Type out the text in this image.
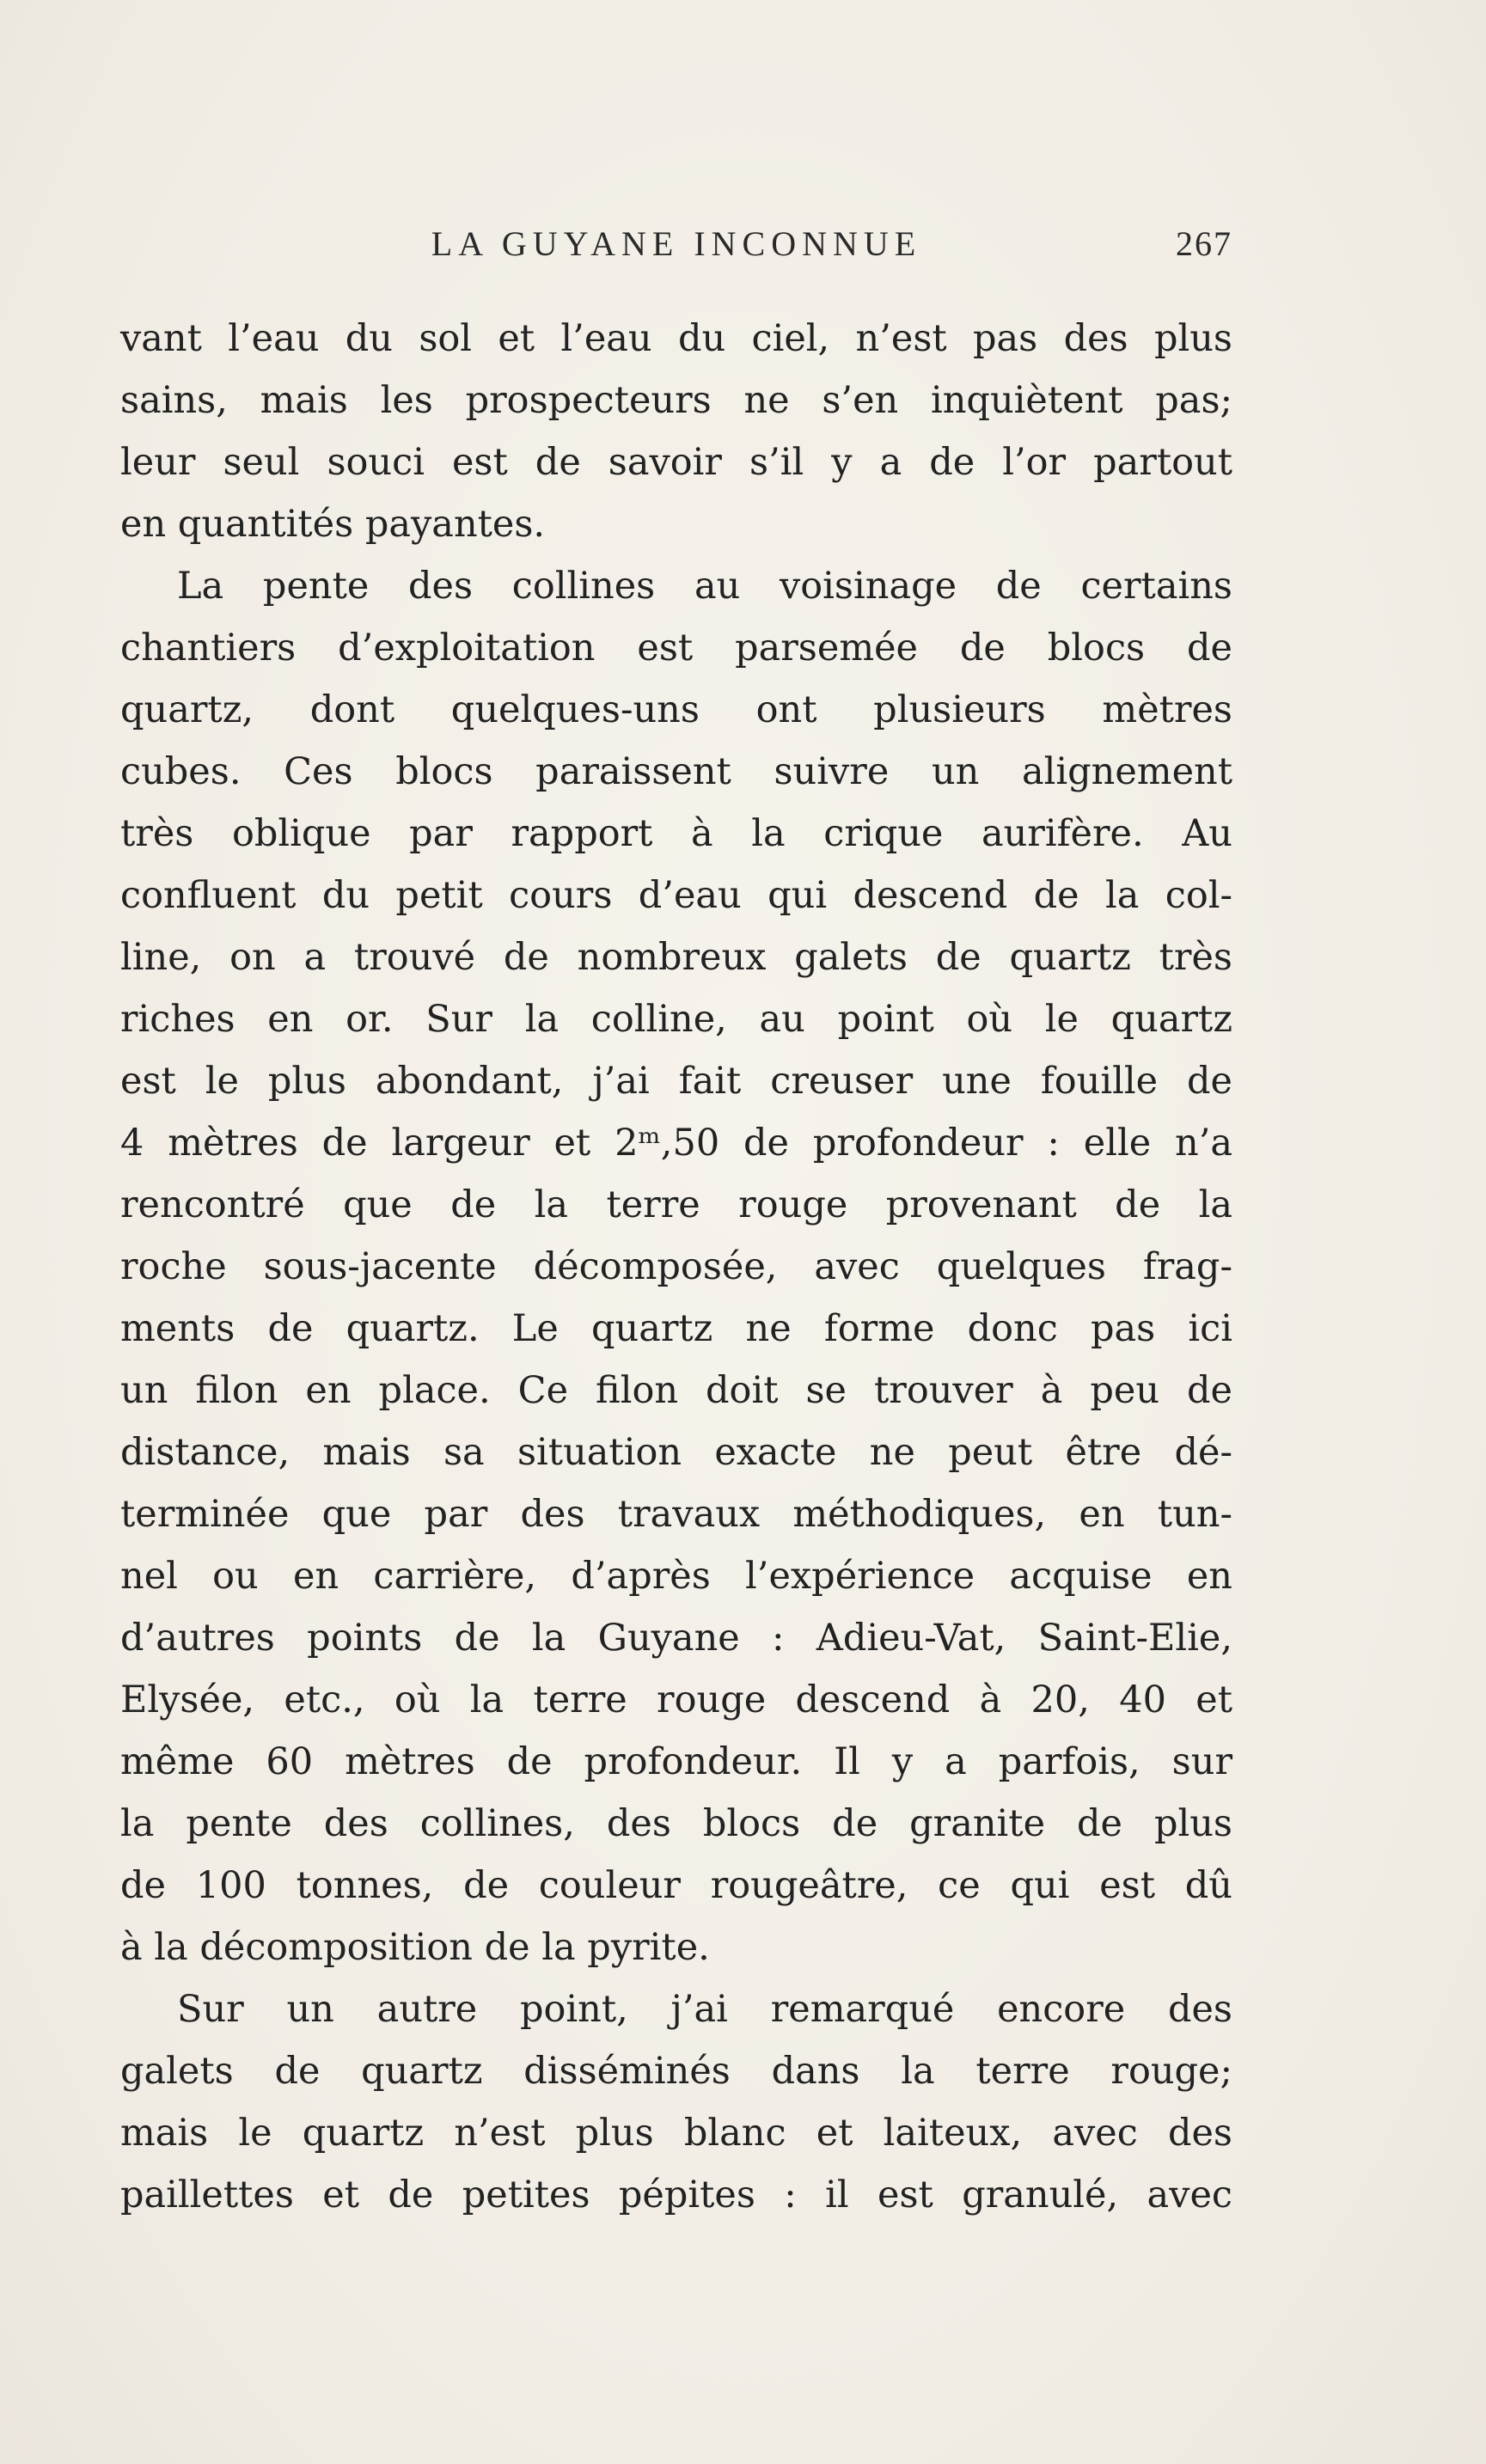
LA GUYANE INCONNUE	267
vant l’eau du sol et l’eau du ciel, n’est pas des plus
sains, mais les prospecteurs ne s’en inquiètent pas;
leur seul souci est de savoir s’il y a de l’or partout
en quantités payantes.
La pente des collines au voisinage de certains
chantiers d’exploitation est parsemée de blocs de
quartz, dont quelques-uns ont plusieurs mètres
cubes. Ces blocs paraissent suivre un alignement
très oblique par rapport à la crique aurifère. Au
confluent du petit cours d’eau qui descend de la col-
line, on a trouvé de nombreux galets de quartz très
riches en or. Sur la colline, au point où le quartz
est le plus abondant, j’ai fait creuser une fouille de
4 mètres de largeur et 2ᵐ,50 de profondeur : elle n’a
rencontré que de la terre rouge provenant de la
roche sous-jacente décomposée, avec quelques frag-
ments de quartz. Le quartz ne forme donc pas ici
un filon en place. Ce filon doit se trouver à peu de
distance, mais sa situation exacte ne peut être dé-
terminée que par des travaux méthodiques, en tun-
nel ou en carrière, d’après l’expérience acquise en
d’autres points de la Guyane : Adieu-Vat, Saint-Elie,
Elysée, etc., où la terre rouge descend à 20, 40 et
même 60 mètres de profondeur. Il y a parfois, sur
la pente des collines, des blocs de granite de plus
de 100 tonnes, de couleur rougeâtre, ce qui est dû
à la décomposition de la pyrite.
Sur un autre point, j’ai remarqué encore des
galets de quartz disséminés dans la terre rouge;
mais le quartz n’est plus blanc et laiteux, avec des
paillettes et de petites pépites : il est granulé, avec
